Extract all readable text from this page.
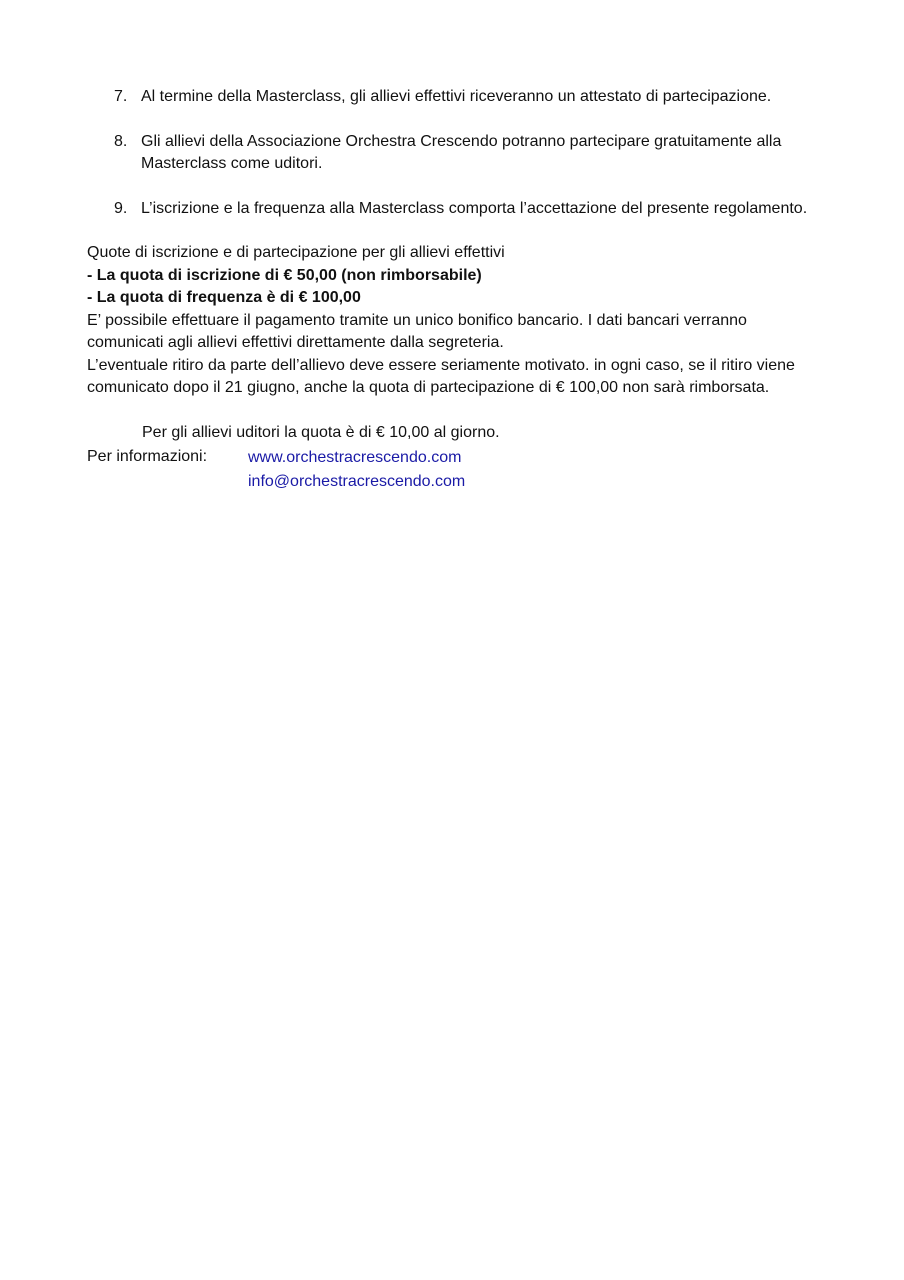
7. Al termine della Masterclass, gli allievi effettivi riceveranno un attestato di partecipazione.
8. Gli allievi della Associazione Orchestra Crescendo potranno partecipare gratuitamente alla Masterclass come uditori.
9. L’iscrizione e la frequenza alla Masterclass comporta l’accettazione del presente regolamento.

Quote di iscrizione e di partecipazione per gli allievi effettivi

- La quota di iscrizione di € 50,00 (non rimborsabile)

- La quota di frequenza è di € 100,00

E’ possibile effettuare il pagamento tramite un unico bonifico bancario. I dati bancari verranno comunicati agli allievi effettivi direttamente dalla segreteria.

L’eventuale ritiro da parte dell’allievo deve essere seriamente motivato. in ogni caso, se il ritiro viene comunicato dopo il 21 giugno, anche la quota di partecipazione di € 100,00 non sarà rimborsata.

Per gli allievi uditori la quota è di € 10,00 al giorno.

Per informazioni:	www.orchestracrescendo.com
info@orchestracrescendo.com
